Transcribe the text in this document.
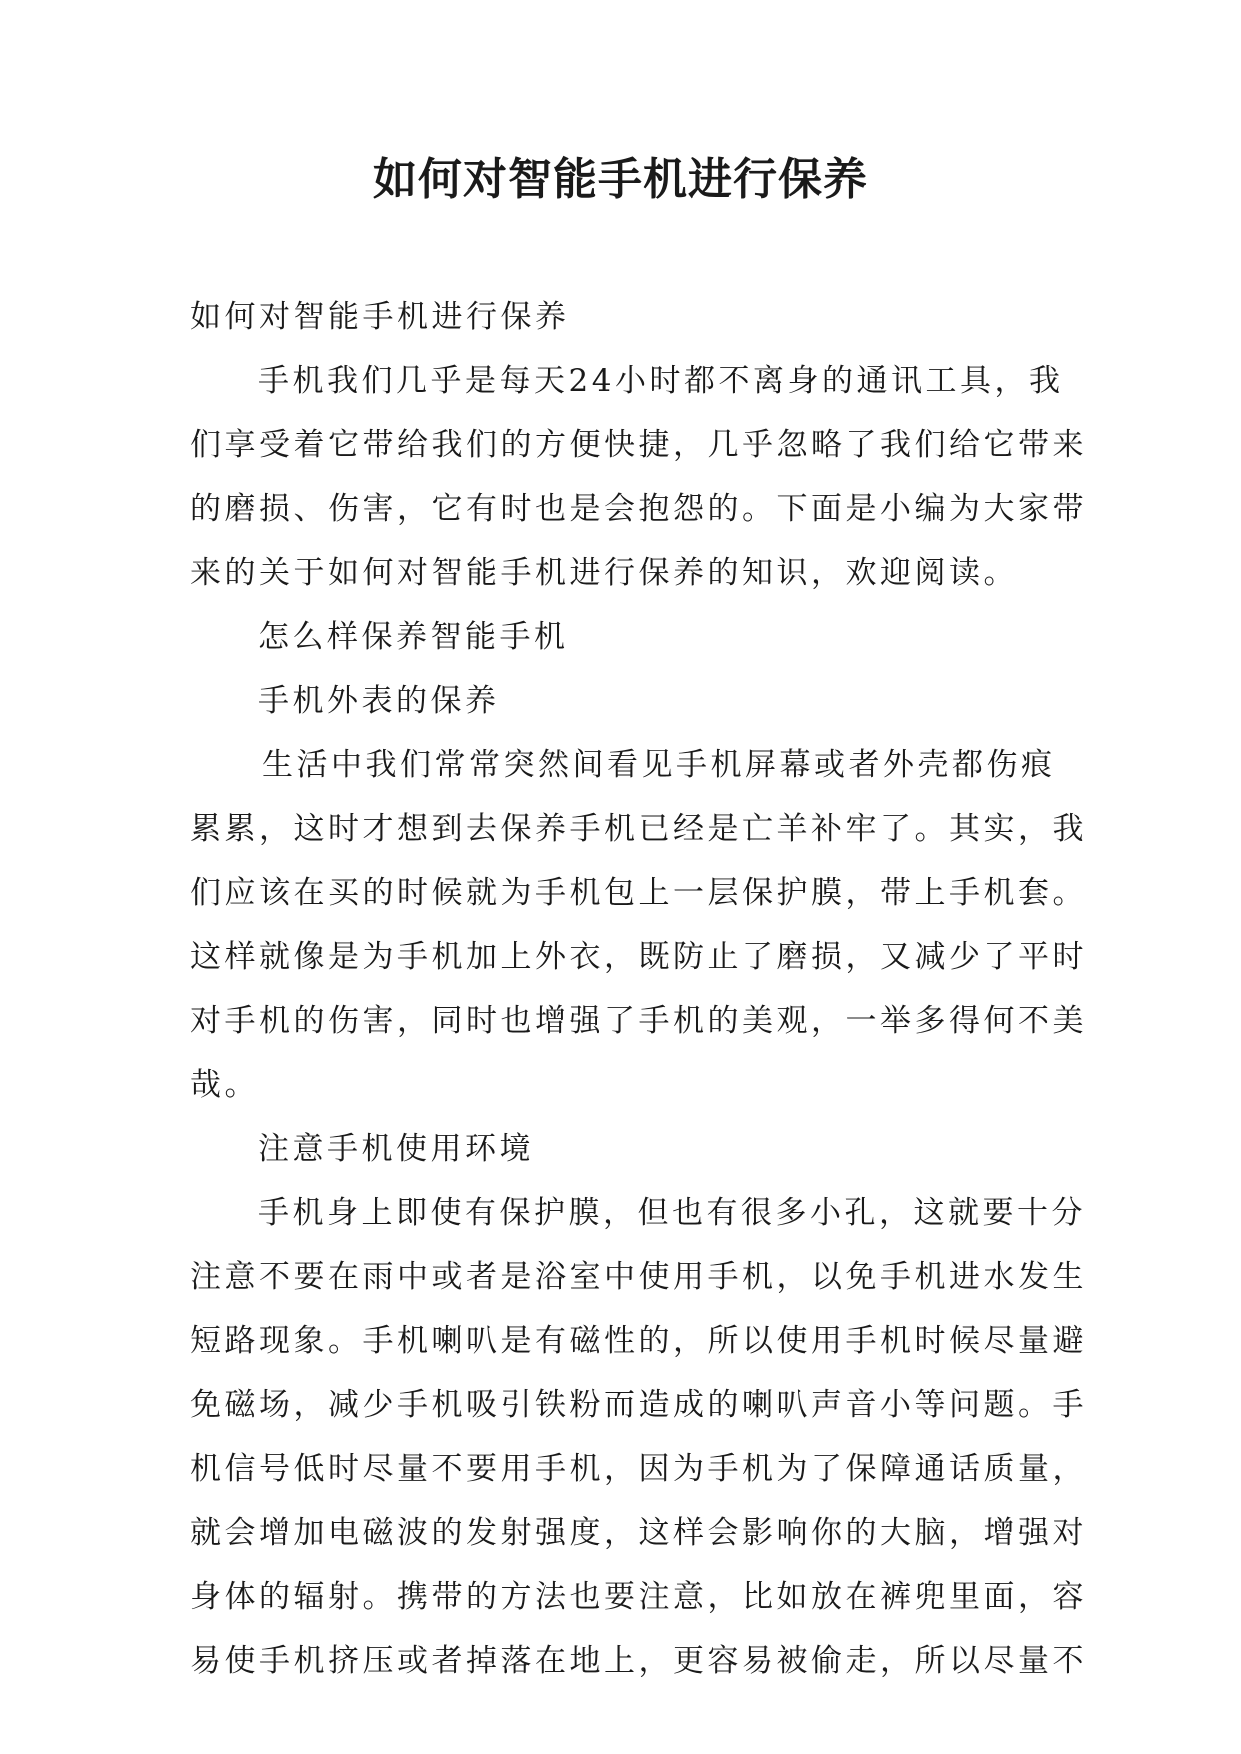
如何对智能手机进行保养
如何对智能手机进行保养
手机我们几乎是每天24小时都不离身的通讯工具，我
们享受着它带给我们的方便快捷，几乎忽略了我们给它带来
的磨损、伤害，它有时也是会抱怨的。下面是小编为大家带
来的关于如何对智能手机进行保养的知识，欢迎阅读。
怎么样保养智能手机
手机外表的保养
生活中我们常常突然间看见手机屏幕或者外壳都伤痕
累累，这时才想到去保养手机已经是亡羊补牢了。其实，我
们应该在买的时候就为手机包上一层保护膜，带上手机套。
这样就像是为手机加上外衣，既防止了磨损，又减少了平时
对手机的伤害，同时也增强了手机的美观，一举多得何不美
哉。
注意手机使用环境
手机身上即使有保护膜，但也有很多小孔，这就要十分
注意不要在雨中或者是浴室中使用手机，以免手机进水发生
短路现象。手机喇叭是有磁性的，所以使用手机时候尽量避
免磁场，减少手机吸引铁粉而造成的喇叭声音小等问题。手
机信号低时尽量不要用手机，因为手机为了保障通话质量，
就会增加电磁波的发射强度，这样会影响你的大脑，增强对
身体的辐射。携带的方法也要注意，比如放在裤兜里面，容
易使手机挤压或者掉落在地上，更容易被偷走，所以尽量不
